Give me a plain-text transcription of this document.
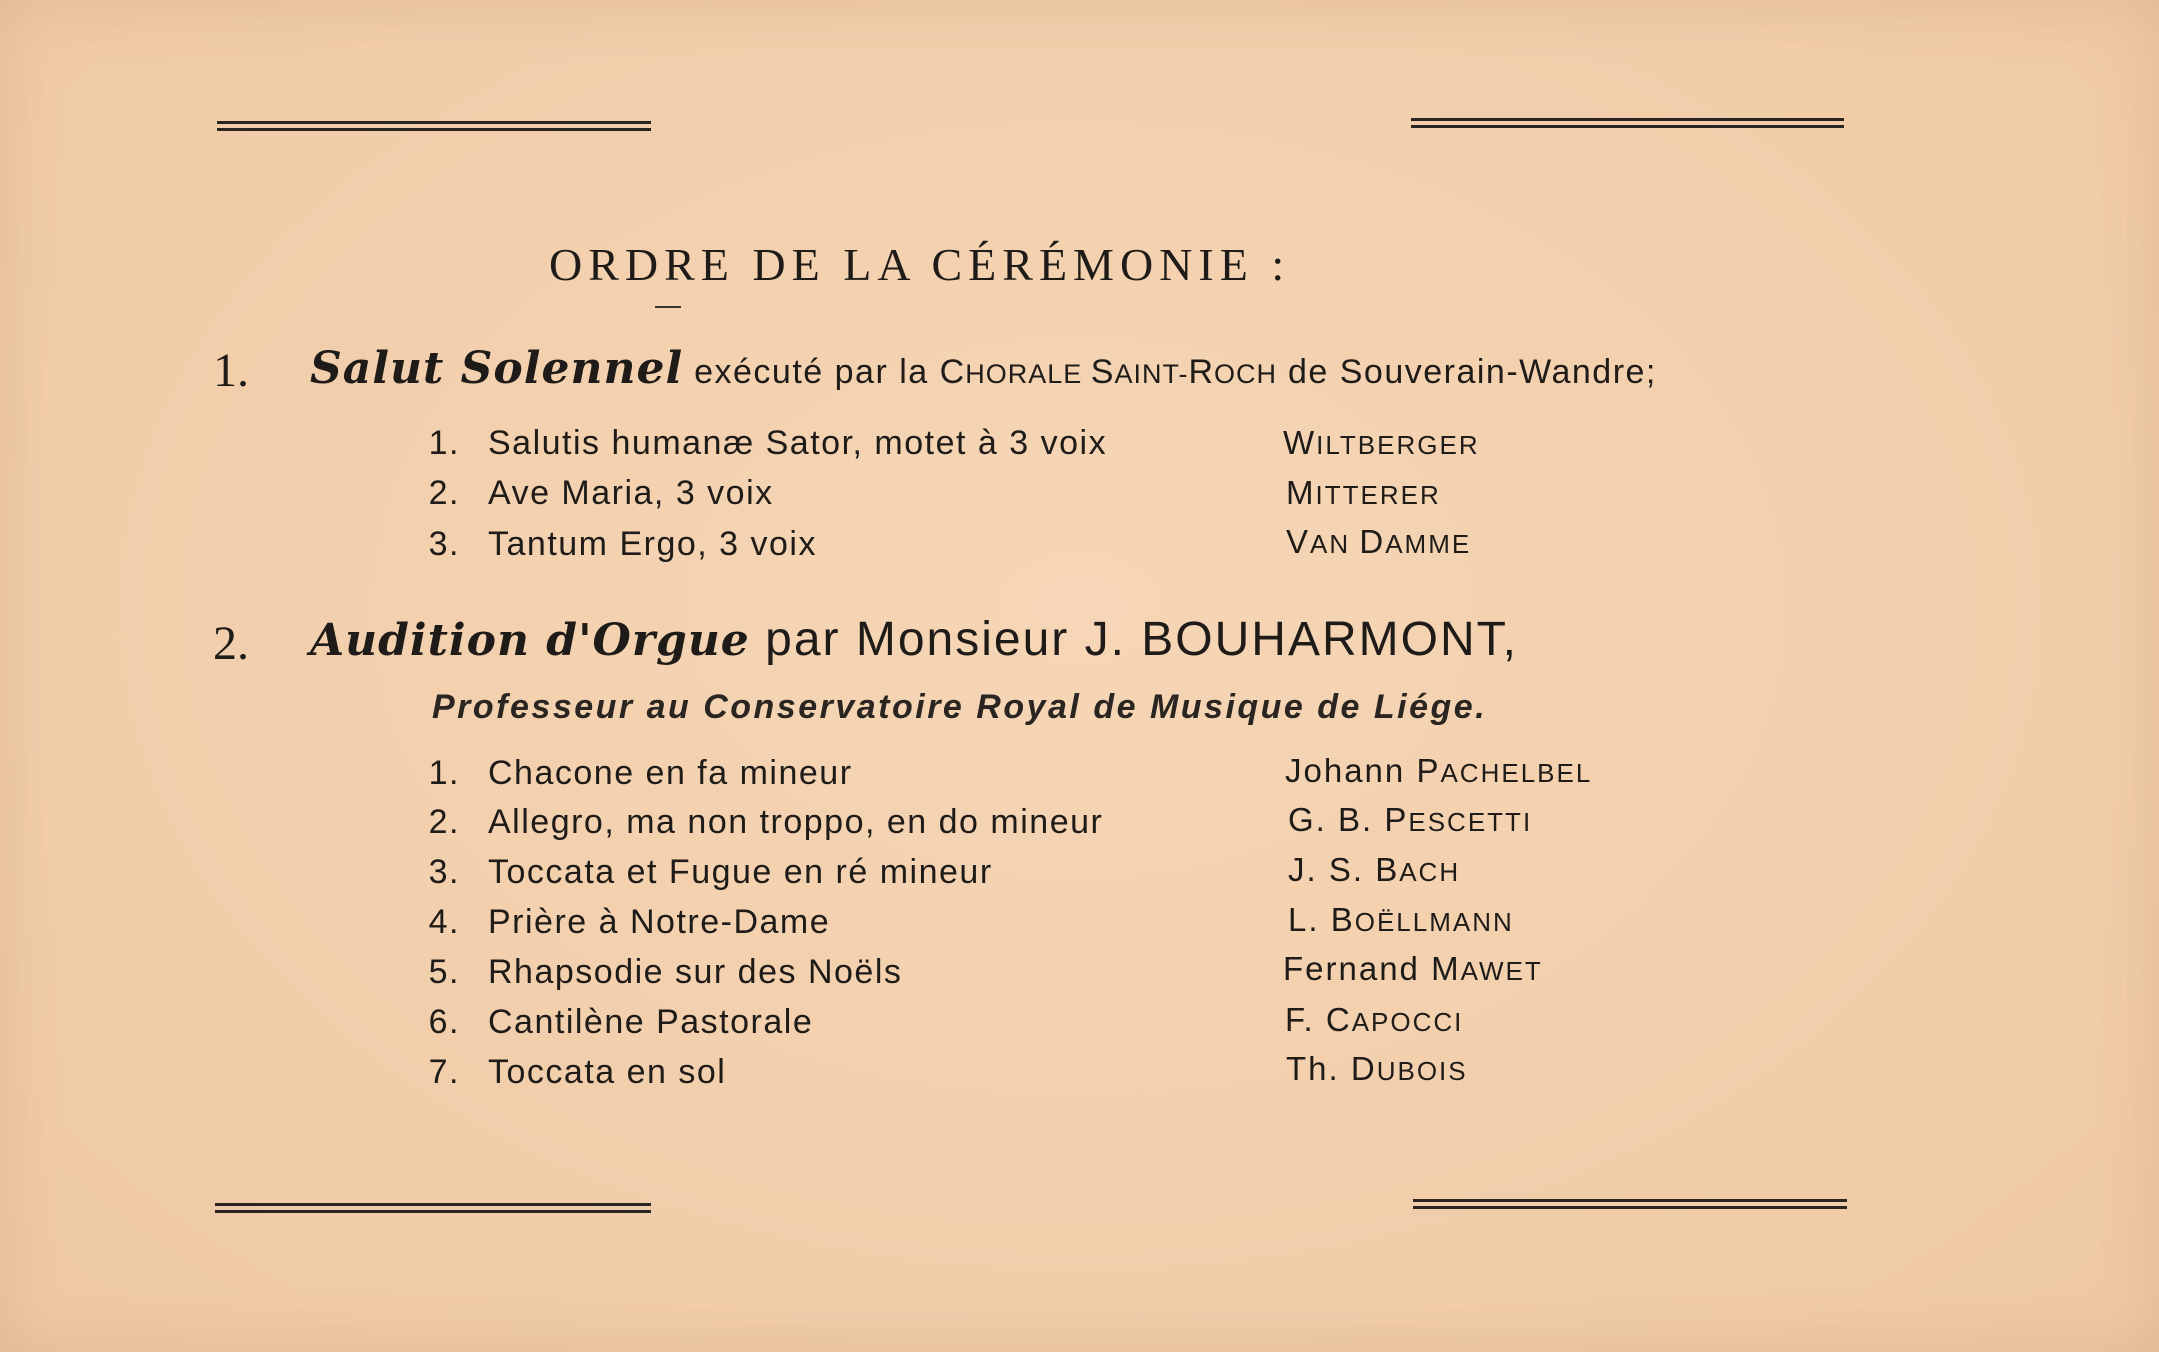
ORDRE DE LA CÉRÉMONIE :
1. Salut Solennel exécuté par la CHORALE SAINT-ROCH de Souverain-Wandre;
1. Salutis humanæ Sator, motet à 3 voix	WILTBERGER
2. Ave Maria, 3 voix	MITTERER
3. Tantum Ergo, 3 voix	VAN DAMME
2. Audition d'Orgue par Monsieur J. BOUHARMONT,
Professeur au Conservatoire Royal de Musique de Liége.
1. Chacone en fa mineur	Johann PACHELBEL
2. Allegro, ma non troppo, en do mineur	G. B. PESCETTI
3. Toccata et Fugue en ré mineur	J. S. BACH
4. Prière à Notre-Dame	L. BOËLLMANN
5. Rhapsodie sur des Noëls	Fernand MAWET
6. Cantilène Pastorale	F. CAPOCCI
7. Toccata en sol	Th. DUBOIS
